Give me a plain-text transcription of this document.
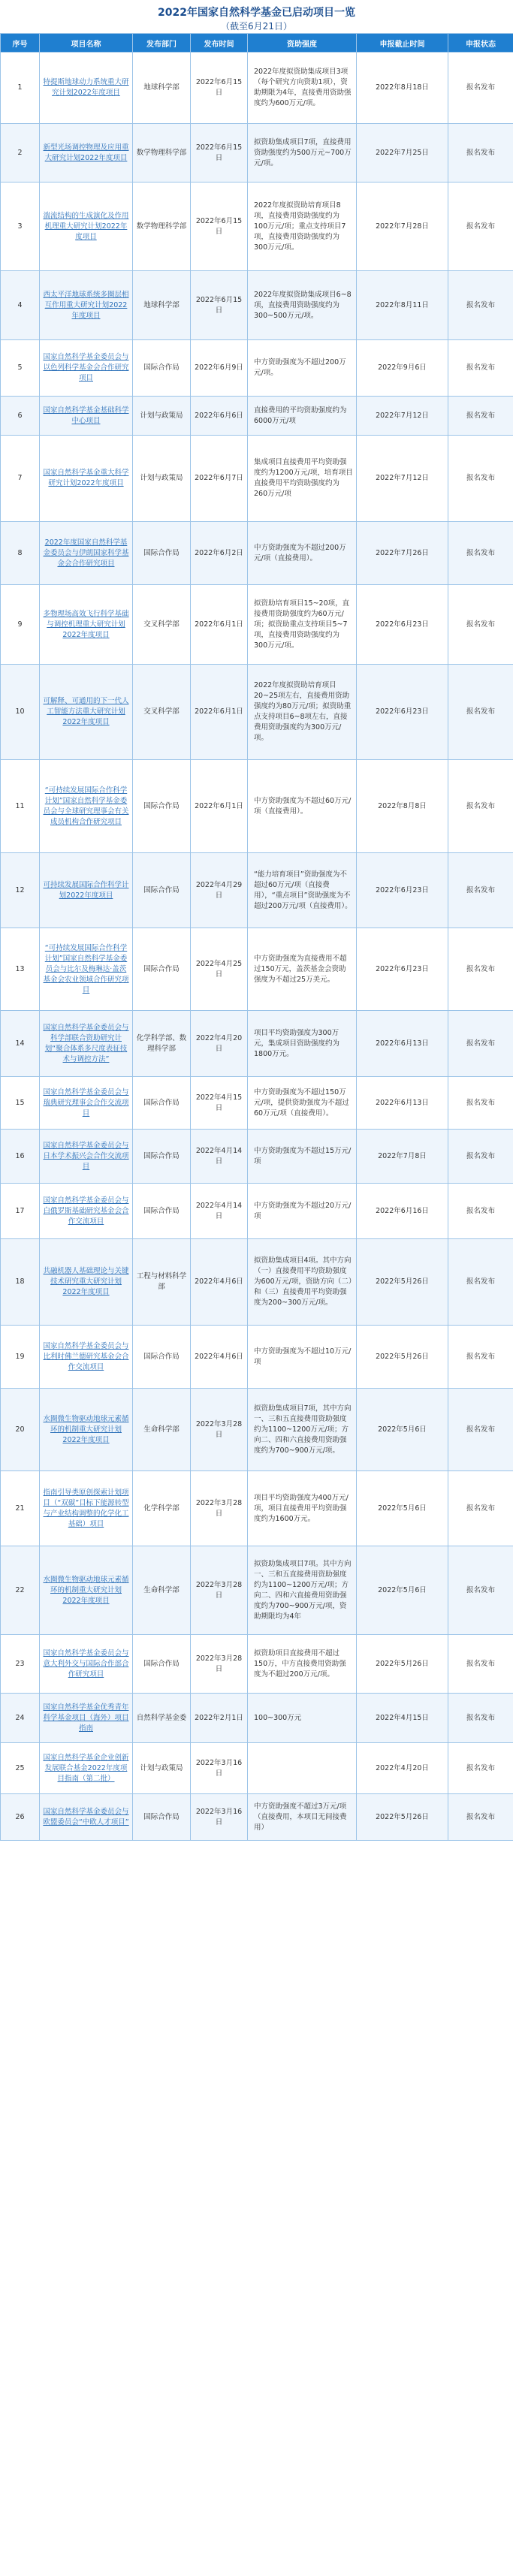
2022年国家自然科学基金已启动项目一览
（截至6月21日）
序号	项目名称	发布部门	发布时间	资助强度	申报截止时间	申报状态
1	特提斯地球动力系统重大研究计划2022年度项目	地球科学部	2022年6月15日	2022年度拟资助集成项目3项（每个研究方向资助1项），资助期限为4年，直接费用资助强度约为600万元/项。	2022年8月18日	报名发布
2	新型光场调控物理及应用重大研究计划2022年度项目	数学物理科学部	2022年6月15日	拟资助集成项目7项，直接费用资助强度约为500万元~700万元/项。	2022年7月25日	报名发布
3	湍流结构的生成演化及作用机理重大研究计划2022年度项目	数学物理科学部	2022年6月15日	2022年度拟资助培育项目8项，直接费用资助强度约为100万元/项；重点支持项目7项，直接费用资助强度约为300万元/项。	2022年7月28日	报名发布
4	西太平洋地球系统多圈层相互作用重大研究计划2022年度项目	地球科学部	2022年6月15日	2022年度拟资助集成项目6~8项，直接费用资助强度约为300~500万元/项。	2022年8月11日	报名发布
5	国家自然科学基金委员会与以色列科学基金会合作研究项目	国际合作局	2022年6月9日	中方资助强度为不超过200万元/项。	2022年9月6日	报名发布
6	国家自然科学基金基础科学中心项目	计划与政策局	2022年6月6日	直接费用的平均资助强度约为6000万元/项	2022年7月12日	报名发布
7	国家自然科学基金重大科学研究计划2022年度项目	计划与政策局	2022年6月7日	集成项目直接费用平均资助强度约为1200万元/项，培育项目直接费用平均资助强度约为260万元/项	2022年7月12日	报名发布
8	2022年度国家自然科学基金委员会与伊朗国家科学基金会合作研究项目	国际合作局	2022年6月2日	中方资助强度为不超过200万元/项（直接费用）。	2022年7月26日	报名发布
9	多物理场高效飞行科学基础与调控机理重大研究计划2022年度项目	交叉科学部	2022年6月1日	拟资助培育项目15~20项，直接费用资助强度约为60万元/项；拟资助重点支持项目5~7项，直接费用资助强度约为300万元/项。	2022年6月23日	报名发布
10	可解释、可通用的下一代人工智能方法重大研究计划2022年度项目	交叉科学部	2022年6月1日	2022年度拟资助培育项目20~25项左右，直接费用资助强度约为80万元/项；拟资助重点支持项目6~8项左右，直接费用资助强度约为300万元/项。	2022年6月23日	报名发布
11	“可持续发展国际合作科学计划”国家自然科学基金委员会与全球研究理事会有关成员机构合作研究项目	国际合作局	2022年6月1日	中方资助强度为不超过60万元/项（直接费用）。	2022年8月8日	报名发布
12	可持续发展国际合作科学计划2022年度项目	国际合作局	2022年4月29日	“能力培育项目”资助强度为不超过60万元/项（直接费用），“重点项目”资助强度为不超过200万元/项（直接费用）。	2022年6月23日	报名发布
13	“可持续发展国际合作科学计划”国家自然科学基金委员会与比尔及梅琳达·盖茨基金会农业领域合作研究项目	国际合作局	2022年4月25日	中方资助强度为直接费用不超过150万元，盖茨基金会资助强度为不超过25万美元。	2022年6月23日	报名发布
14	国家自然科学基金委员会与科学部联合资助研究计划“聚合体系多尺度表征技术与调控方法”	化学科学部、数理科学部	2022年4月20日	项目平均资助强度为300万元，集成项目资助强度约为1800万元。	2022年6月13日	报名发布
15	国家自然科学基金委员会与瑞典研究理事会合作交流项目	国际合作局	2022年4月15日	中方资助强度为不超过150万元/项，提供资助强度为不超过60万元/项（直接费用）。	2022年6月13日	报名发布
16	国家自然科学基金委员会与日本学术振兴会合作交流项目	国际合作局	2022年4月14日	中方资助强度为不超过15万元/项	2022年7月8日	报名发布
17	国家自然科学基金委员会与白俄罗斯基础研究基金会合作交流项目	国际合作局	2022年4月14日	中方资助强度为不超过20万元/项	2022年6月16日	报名发布
18	共融机器人基础理论与关键技术研究重大研究计划2022年度项目	工程与材料科学部	2022年4月6日	拟资助集成项目4项。其中方向（一）直接费用平均资助强度为600万元/项，资助方向（二）和（三）直接费用平均资助强度为200~300万元/项。	2022年5月26日	报名发布
19	国家自然科学基金委员会与比利时佛兰德研究基金会合作交流项目	国际合作局	2022年4月6日	中方资助强度为不超过10万元/项	2022年5月26日	报名发布
20	水圈微生物驱动地球元素循环的机制重大研究计划2022年度项目	生命科学部	2022年3月28日	拟资助集成项目7项，其中方向一、三和五直接费用资助强度约为1100~1200万元/项；方向二、四和六直接费用资助强度约为700~900万元/项。	2022年5月6日	报名发布
21	指南引导类原创探索计划项目（“双碳”目标下能源转型与产业结构调整的化学化工基础）项目	化学科学部	2022年3月28日	项目平均资助强度为400万元/项，项目直接费用平均资助强度约为1600万元。	2022年5月6日	报名发布
22	水圈微生物驱动地球元素循环的机制重大研究计划2022年度项目	生命科学部	2022年3月28日	拟资助集成项目7项。其中方向一、三和五直接费用资助强度约为1100~1200万元/项；方向二、四和六直接费用资助强度约为700~900万元/项，资助期限均为4年	2022年5月6日	报名发布
23	国家自然科学基金委员会与意大利外交与国际合作部合作研究项目	国际合作局	2022年3月28日	拟资助项目直接费用不超过150万，中方直接费用资助强度为不超过200万元/项。	2022年5月26日	报名发布
24	国家自然科学基金优秀青年科学基金项目（海外）项目指南	自然科学基金委	2022年2月1日	100~300万元	2022年4月15日	报名发布
25	国家自然科学基金企业创新发展联合基金2022年度项目指南（第二批）	计划与政策局	2022年3月16日		2022年4月20日	报名发布
26	国家自然科学基金委员会与欧盟委员会“中欧人才项目”	国际合作局	2022年3月16日	中方资助强度不超过3万元/项（直接费用，本项目无间接费用）	2022年5月26日	报名发布
